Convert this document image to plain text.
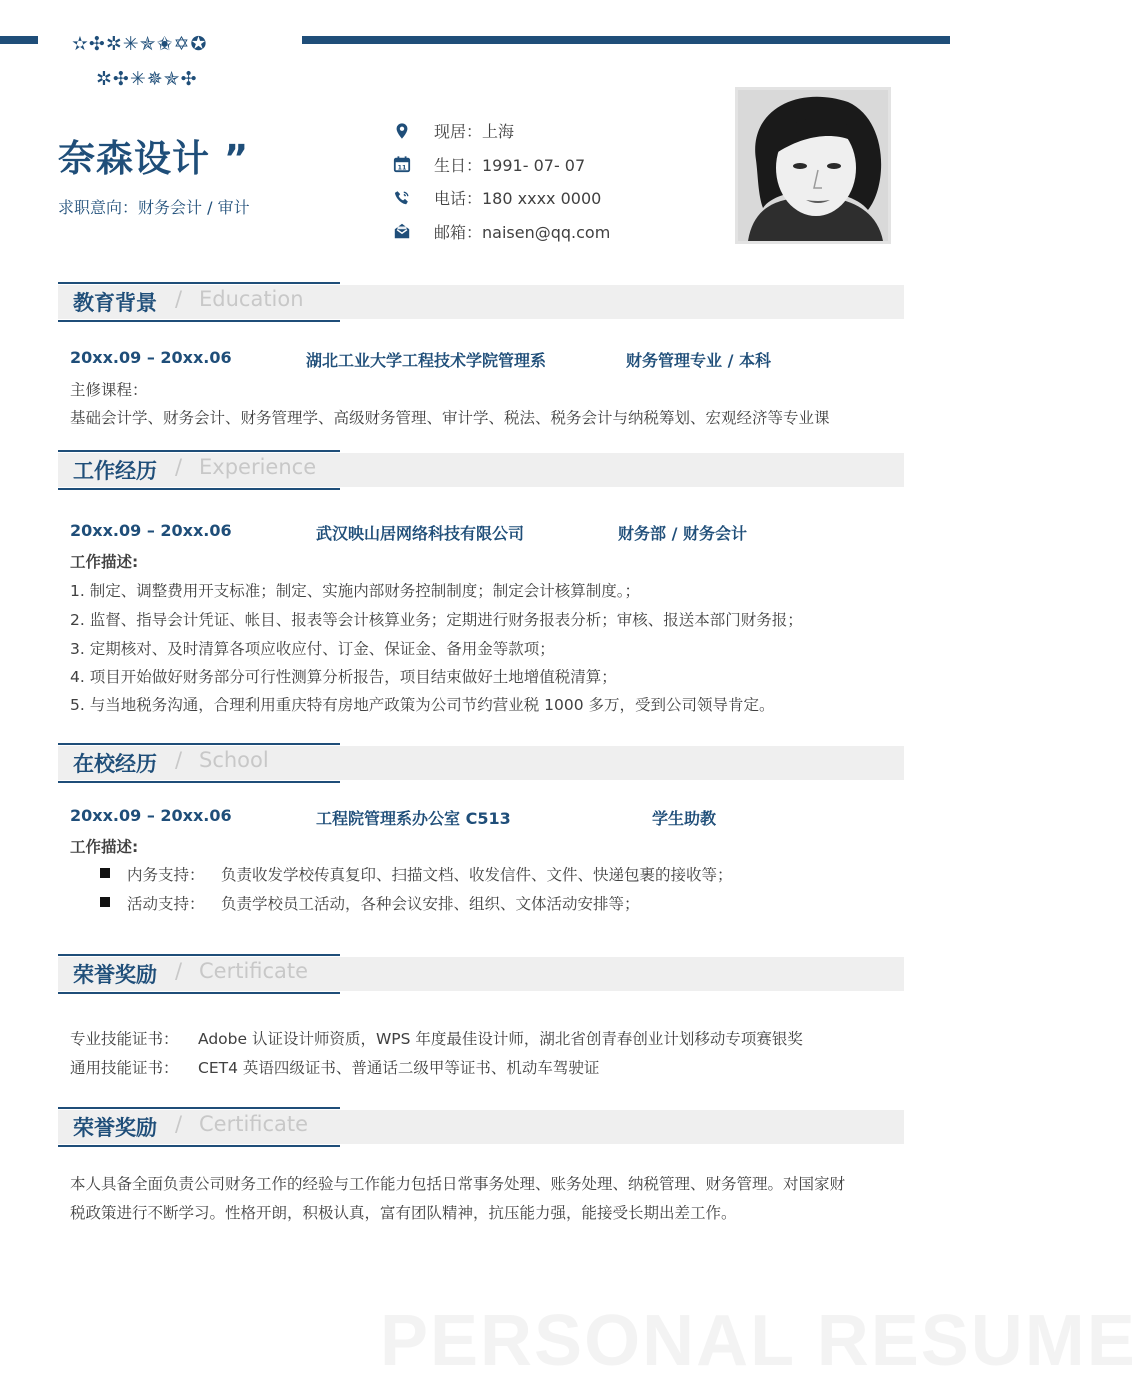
✫✣✲✳✯✬✡✪
✲✣✳✵✯✣
奈森设计 ”
求职意向：财务会计 / 审计
现居：上海
11 生日：1991- 07- 07
电话：180 xxxx 0000
邮箱：naisen@qq.com
教育背景 / Education
20xx.09 – 20xx.06	湖北工业大学工程技术学院管理系	财务管理专业 / 本科
主修课程：
基础会计学、财务会计、财务管理学、高级财务管理、审计学、税法、税务会计与纳税筹划、宏观经济等专业课
工作经历 / Experience
20xx.09 – 20xx.06	武汉映山居网络科技有限公司	财务部 / 财务会计
工作描述:
1. 制定、调整费用开支标准；制定、实施内部财务控制制度；制定会计核算制度。；
2. 监督、指导会计凭证、帐目、报表等会计核算业务；定期进行财务报表分析；审核、报送本部门财务报；
3. 定期核对、及时清算各项应收应付、订金、保证金、备用金等款项；
4. 项目开始做好财务部分可行性测算分析报告，项目结束做好土地增值税清算；
5. 与当地税务沟通，合理利用重庆特有房地产政策为公司节约营业税 1000 多万，受到公司领导肯定。
在校经历 / School
20xx.09 – 20xx.06	工程院管理系办公室 C513	学生助教
工作描述:
内务支持： 负责收发学校传真复印、扫描文档、收发信件、文件、快递包裹的接收等；
活动支持： 负责学校员工活动，各种会议安排、组织、文体活动安排等；
荣誉奖励 / Certificate
专业技能证书： Adobe 认证设计师资质，WPS 年度最佳设计师，湖北省创青春创业计划移动专项赛银奖
通用技能证书： CET4 英语四级证书、普通话二级甲等证书、机动车驾驶证
荣誉奖励 / Certificate
本人具备全面负责公司财务工作的经验与工作能力包括日常事务处理、账务处理、纳税管理、财务管理。对国家财
税政策进行不断学习。性格开朗，积极认真，富有团队精神，抗压能力强，能接受长期出差工作。
PERSONAL RESUME
